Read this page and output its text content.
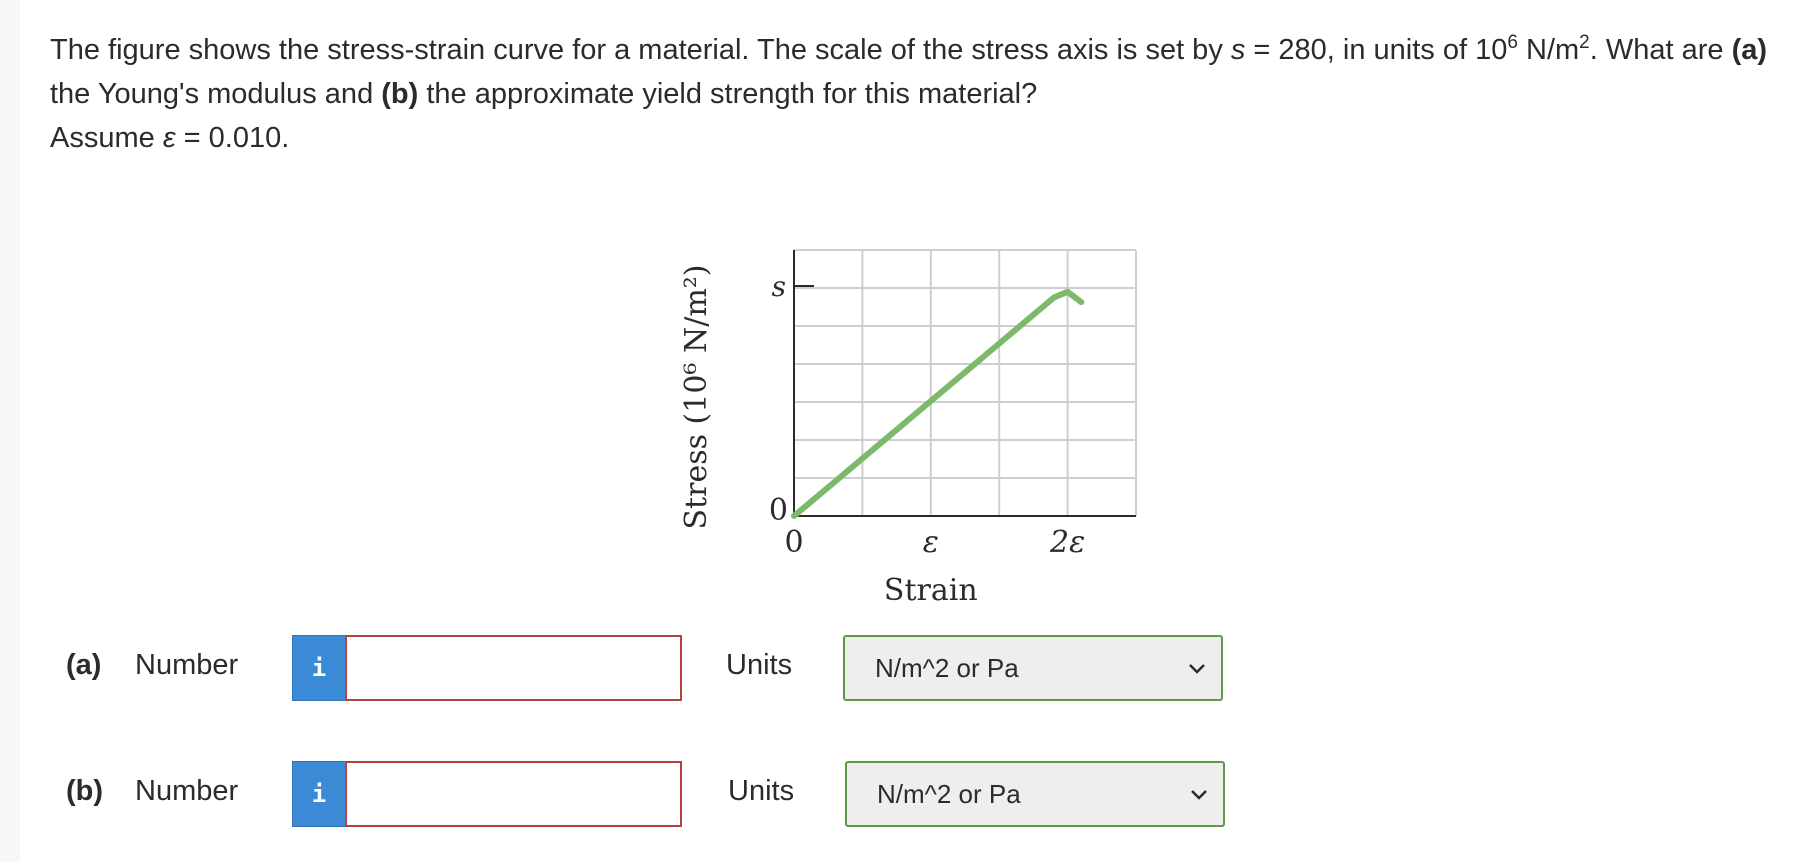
The figure shows the stress-strain curve for a material. The scale of the stress axis is set by s = 280, in units of $10^6$ $N/m^2$. What are (a) the Young's modulus and (b) the approximate yield strength for this material?
Assume ε = 0.010.
0	ε	2ε
0
s
Strain
Stress (10⁶ N/m²)
(a) Number	i	Units	N/m^2 or Pa
(b) Number	i	Units	N/m^2 or Pa
